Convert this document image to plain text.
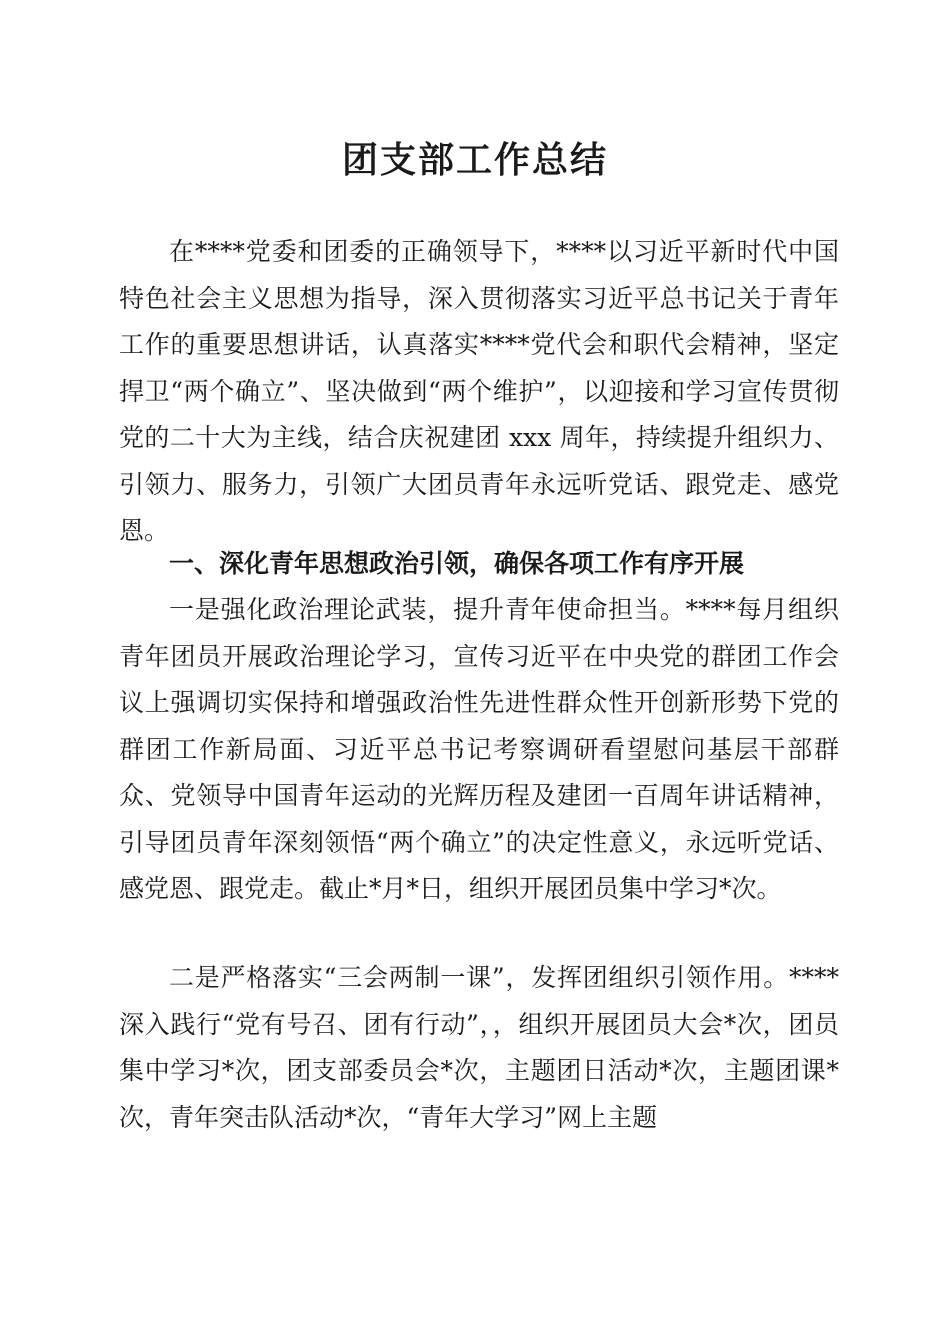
团支部工作总结

在****党委和团委的正确领导下，****以习近平新时代中国特色社会主义思想为指导，深入贯彻落实习近平总书记关于青年工作的重要思想讲话，认真落实****党代会和职代会精神，坚定捍卫“两个确立”、坚决做到“两个维护”，以迎接和学习宣传贯彻党的二十大为主线，结合庆祝建团 xxx 周年，持续提升组织力、引领力、服务力，引领广大团员青年永远听党话、跟党走、感党恩。

一、深化青年思想政治引领，确保各项工作有序开展

一是强化政治理论武装，提升青年使命担当。****每月组织青年团员开展政治理论学习，宣传习近平在中央党的群团工作会议上强调切实保持和增强政治性先进性群众性开创新形势下党的群团工作新局面、习近平总书记考察调研看望慰问基层干部群众、党领导中国青年运动的光辉历程及建团一百周年讲话精神，引导团员青年深刻领悟“两个确立”的决定性意义，永远听党话、感党恩、跟党走。截止*月*日，组织开展团员集中学习*次。

二是严格落实“三会两制一课”，发挥团组织引领作用。****深入践行“党有号召、团有行动”，，组织开展团员大会*次，团员集中学习*次，团支部委员会*次，主题团日活动*次，主题团课*次，青年突击队活动*次，“青年大学习”网上主题
